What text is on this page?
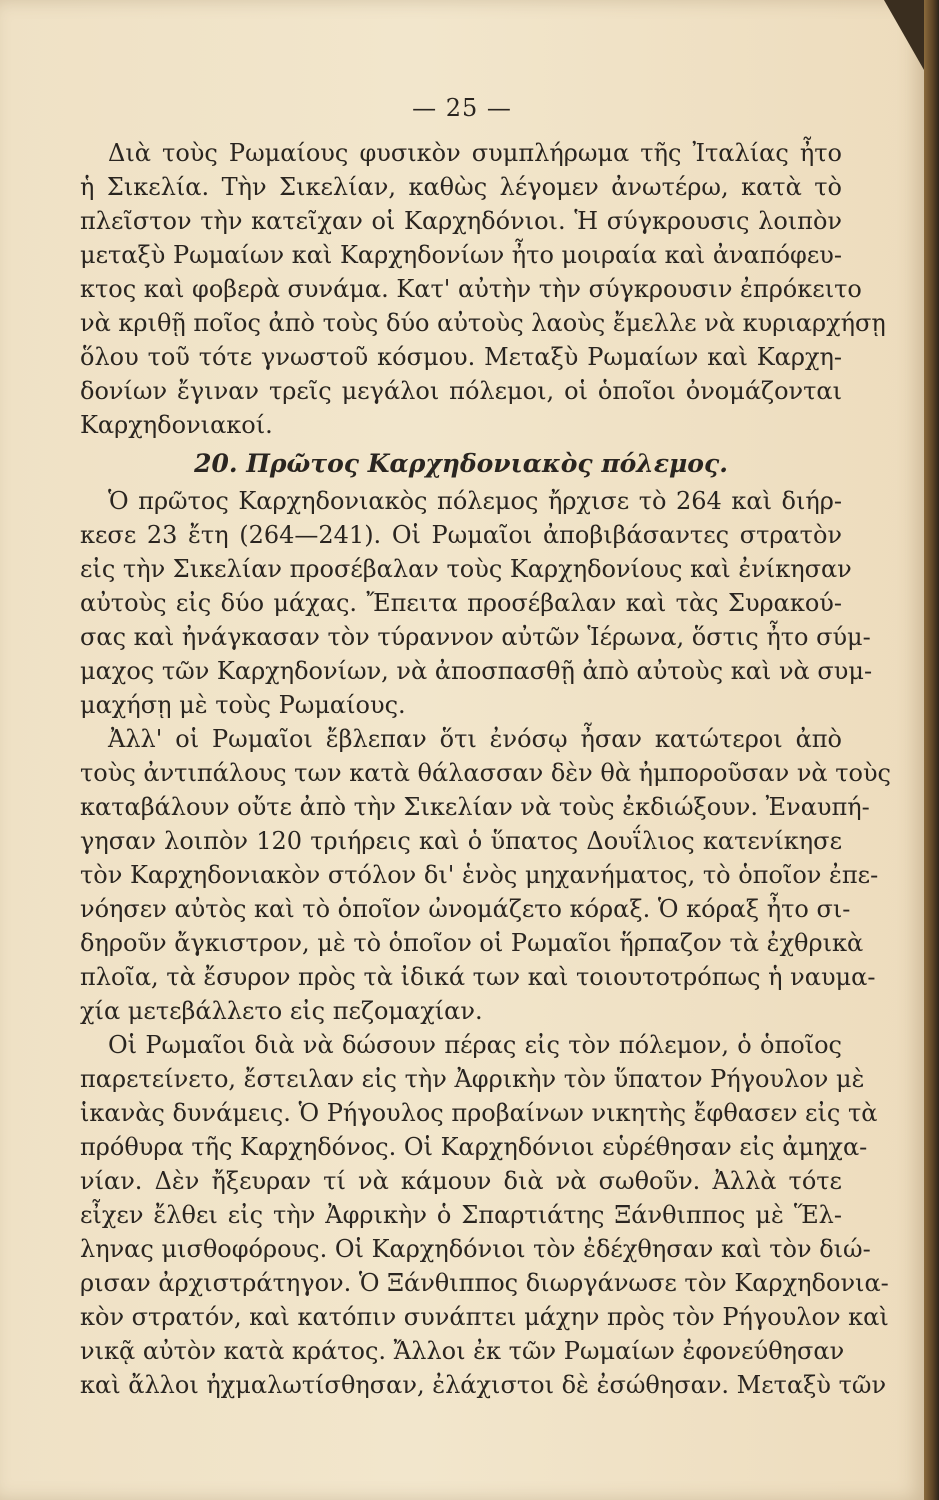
— 25 —
Διὰ τοὺς Ρωμαίους φυσικὸν συμπλήρωμα τῆς Ἰταλίας ἦτο
ἡ Σικελία. Τὴν Σικελίαν, καθὼς λέγομεν ἀνωτέρω, κατὰ τὸ
πλεῖστον τὴν κατεῖχαν οἱ Καρχηδόνιοι. Ἡ σύγκρουσις λοιπὸν
μεταξὺ Ρωμαίων καὶ Καρχηδονίων ἦτο μοιραία καὶ ἀναπόφευ-
κτος καὶ φοβερὰ συνάμα. Κατ' αὐτὴν τὴν σύγκρουσιν ἐπρόκειτο
νὰ κριθῇ ποῖος ἀπὸ τοὺς δύο αὐτοὺς λαοὺς ἔμελλε νὰ κυριαρχήσῃ
ὅλου τοῦ τότε γνωστοῦ κόσμου. Μεταξὺ Ρωμαίων καὶ Καρχη-
δονίων ἔγιναν τρεῖς μεγάλοι πόλεμοι, οἱ ὁποῖοι ὀνομάζονται
Καρχηδονιακοί.
20. Πρῶτος Καρχηδονιακὸς πόλεμος.
Ὁ πρῶτος Καρχηδονιακὸς πόλεμος ἤρχισε τὸ 264 καὶ διήρ-
κεσε 23 ἔτη (264—241). Οἱ Ρωμαῖοι ἀποβιβάσαντες στρατὸν
εἰς τὴν Σικελίαν προσέβαλαν τοὺς Καρχηδονίους καὶ ἐνίκησαν
αὐτοὺς εἰς δύο μάχας. Ἔπειτα προσέβαλαν καὶ τὰς Συρακού-
σας καὶ ἠνάγκασαν τὸν τύραννον αὐτῶν Ἱέρωνα, ὅστις ἦτο σύμ-
μαχος τῶν Καρχηδονίων, νὰ ἀποσπασθῇ ἀπὸ αὐτοὺς καὶ νὰ συμ-
μαχήσῃ μὲ τοὺς Ρωμαίους.
Ἀλλ' οἱ Ρωμαῖοι ἔβλεπαν ὅτι ἐνόσῳ ἦσαν κατώτεροι ἀπὸ
τοὺς ἀντιπάλους των κατὰ θάλασσαν δὲν θὰ ἠμποροῦσαν νὰ τοὺς
καταβάλουν οὔτε ἀπὸ τὴν Σικελίαν νὰ τοὺς ἐκδιώξουν. Ἐναυπή-
γησαν λοιπὸν 120 τριήρεις καὶ ὁ ὕπατος Δουΐλιος κατενίκησε
τὸν Καρχηδονιακὸν στόλον δι' ἑνὸς μηχανήματος, τὸ ὁποῖον ἐπε-
νόησεν αὐτὸς καὶ τὸ ὁποῖον ὠνομάζετο κόραξ. Ὁ κόραξ ἦτο σι-
δηροῦν ἄγκιστρον, μὲ τὸ ὁποῖον οἱ Ρωμαῖοι ἥρπαζον τὰ ἐχθρικὰ
πλοῖα, τὰ ἔσυρον πρὸς τὰ ἰδικά των καὶ τοιουτοτρόπως ἡ ναυμα-
χία μετεβάλλετο εἰς πεζομαχίαν.
Οἱ Ρωμαῖοι διὰ νὰ δώσουν πέρας εἰς τὸν πόλεμον, ὁ ὁποῖος
παρετείνετο, ἔστειλαν εἰς τὴν Ἀφρικὴν τὸν ὕπατον Ρήγουλον μὲ
ἱκανὰς δυνάμεις. Ὁ Ρήγουλος προβαίνων νικητὴς ἔφθασεν εἰς τὰ
πρόθυρα τῆς Καρχηδόνος. Οἱ Καρχηδόνιοι εὑρέθησαν εἰς ἀμηχα-
νίαν. Δὲν ἤξευραν τί νὰ κάμουν διὰ νὰ σωθοῦν. Ἀλλὰ τότε
εἶχεν ἔλθει εἰς τὴν Ἀφρικὴν ὁ Σπαρτιάτης Ξάνθιππος μὲ Ἕλ-
ληνας μισθοφόρους. Οἱ Καρχηδόνιοι τὸν ἐδέχθησαν καὶ τὸν διώ-
ρισαν ἀρχιστράτηγον. Ὁ Ξάνθιππος διωργάνωσε τὸν Καρχηδονια-
κὸν στρατόν, καὶ κατόπιν συνάπτει μάχην πρὸς τὸν Ρήγουλον καὶ
νικᾷ αὐτὸν κατὰ κράτος. Ἄλλοι ἐκ τῶν Ρωμαίων ἐφονεύθησαν
καὶ ἄλλοι ἠχμαλωτίσθησαν, ἐλάχιστοι δὲ ἐσώθησαν. Μεταξὺ τῶν
